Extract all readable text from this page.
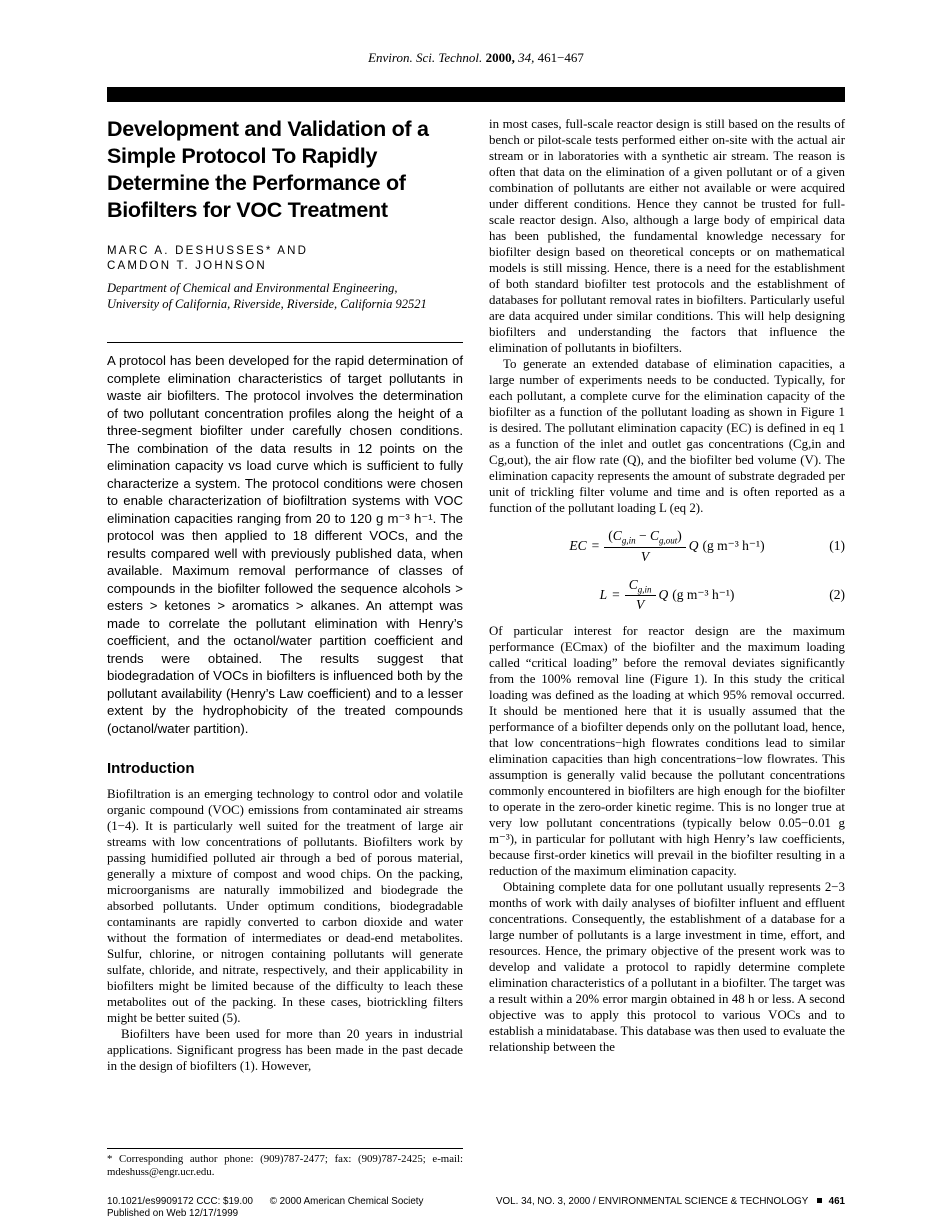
Environ. Sci. Technol. 2000, 34, 461−467
Development and Validation of a
Simple Protocol To Rapidly
Determine the Performance of
Biofilters for VOC Treatment
MARC A. DESHUSSES* AND
CAMDON T. JOHNSON
Department of Chemical and Environmental Engineering,
University of California, Riverside, Riverside, California 92521

A protocol has been developed for the rapid determination of complete elimination characteristics of target pollutants in waste air biofilters. The protocol involves the determination of two pollutant concentration profiles along the height of a three-segment biofilter under carefully chosen conditions. The combination of the data results in 12 points on the elimination capacity vs load curve which is sufficient to fully characterize a system. The protocol conditions were chosen to enable characterization of biofiltration systems with VOC elimination capacities ranging from 20 to 120 g m⁻³ h⁻¹. The protocol was then applied to 18 different VOCs, and the results compared well with previously published data, when available. Maximum removal performance of classes of compounds in the biofilter followed the sequence alcohols > esters > ketones > aromatics > alkanes. An attempt was made to correlate the pollutant elimination with Henry’s coefficient, and the octanol/water partition coefficient and trends were obtained. The results suggest that biodegradation of VOCs in biofilters is influenced both by the pollutant availability (Henry’s Law coefficient) and to a lesser extent by the hydrophobicity of the treated compounds (octanol/water partition).

Introduction

Biofiltration is an emerging technology to control odor and volatile organic compound (VOC) emissions from contaminated air streams (1−4). It is particularly well suited for the treatment of large air streams with low concentrations of pollutants. Biofilters work by passing humidified polluted air through a bed of porous material, generally a mixture of compost and wood chips. On the packing, microorganisms are naturally immobilized and biodegrade the absorbed pollutants. Under optimum conditions, biodegradable contaminants are rapidly converted to carbon dioxide and water without the formation of intermediates or dead-end metabolites. Sulfur, chlorine, or nitrogen containing pollutants will generate sulfate, chloride, and nitrate, respectively, and their applicability in biofilters might be limited because of the difficulty to leach these metabolites out of the packing. In these cases, biotrickling filters might be better suited (5).

Biofilters have been used for more than 20 years in industrial applications. Significant progress has been made in the past decade in the design of biofilters (1). However,

in most cases, full-scale reactor design is still based on the results of bench or pilot-scale tests performed either on-site with the actual air stream or in laboratories with a synthetic air stream. The reason is often that data on the elimination of a given pollutant or of a given combination of pollutants are either not available or were acquired under different conditions. Hence they cannot be trusted for full-scale reactor design. Also, although a large body of empirical data has been published, the fundamental knowledge necessary for biofilter design based on theoretical concepts or on mathematical models is still missing. Hence, there is a need for the establishment of both standard biofilter test protocols and the establishment of databases for pollutant removal rates in biofilters. Particularly useful are data acquired under similar conditions. This will help designing biofilters and understanding the factors that influence the elimination of pollutants in biofilters.

To generate an extended database of elimination capacities, a large number of experiments needs to be conducted. Typically, for each pollutant, a complete curve for the elimination capacity of the biofilter as a function of the pollutant loading as shown in Figure 1 is desired. The pollutant elimination capacity (EC) is defined in eq 1 as a function of the inlet and outlet gas concentrations (Cg,in and Cg,out), the air flow rate (Q), and the biofilter bed volume (V). The elimination capacity represents the amount of substrate degraded per unit of trickling filter volume and time and is often reported as a function of the pollutant loading L (eq 2).

EC = $\frac{(C_{g,in} - C_{g,out})}{V}$ Q (g m⁻³ h⁻¹)	(1)
$L = \frac{C_{g,in}}{V}$ Q (g m⁻³ h⁻¹)	(2)

Of particular interest for reactor design are the maximum performance (ECmax) of the biofilter and the maximum loading called “critical loading” before the removal deviates significantly from the 100% removal line (Figure 1). In this study the critical loading was defined as the loading at which 95% removal occurred. It should be mentioned here that it is usually assumed that the performance of a biofilter depends only on the pollutant load, hence, that low concentrations−high flowrates conditions lead to similar elimination capacities than high concentrations−low flowrates. This assumption is generally valid because the pollutant concentrations commonly encountered in biofilters are high enough for the biofilter to operate in the zero-order kinetic regime. This is no longer true at very low pollutant concentrations (typically below 0.05−0.01 g m⁻³), in particular for pollutant with high Henry’s law coefficients, because first-order kinetics will prevail in the biofilter resulting in a reduction of the maximum elimination capacity.

Obtaining complete data for one pollutant usually represents 2−3 months of work with daily analyses of biofilter influent and effluent concentrations. Consequently, the establishment of a database for a large number of pollutants is a large investment in time, effort, and resources. Hence, the primary objective of the present work was to develop and validate a protocol to rapidly determine complete elimination characteristics of a pollutant in a biofilter. The target was a result within a 20% error margin obtained in 48 h or less. A second objective was to apply this protocol to various VOCs and to establish a minidatabase. This database was then used to evaluate the relationship between the

* Corresponding author phone: (909)787-2477; fax: (909)787-2425; e-mail: mdeshuss@engr.ucr.edu.
10.1021/es9909172 CCC: $19.00 © 2000 American Chemical Society
Published on Web 12/17/1999
VOL. 34, NO. 3, 2000 / ENVIRONMENTAL SCIENCE & TECHNOLOGY 461
